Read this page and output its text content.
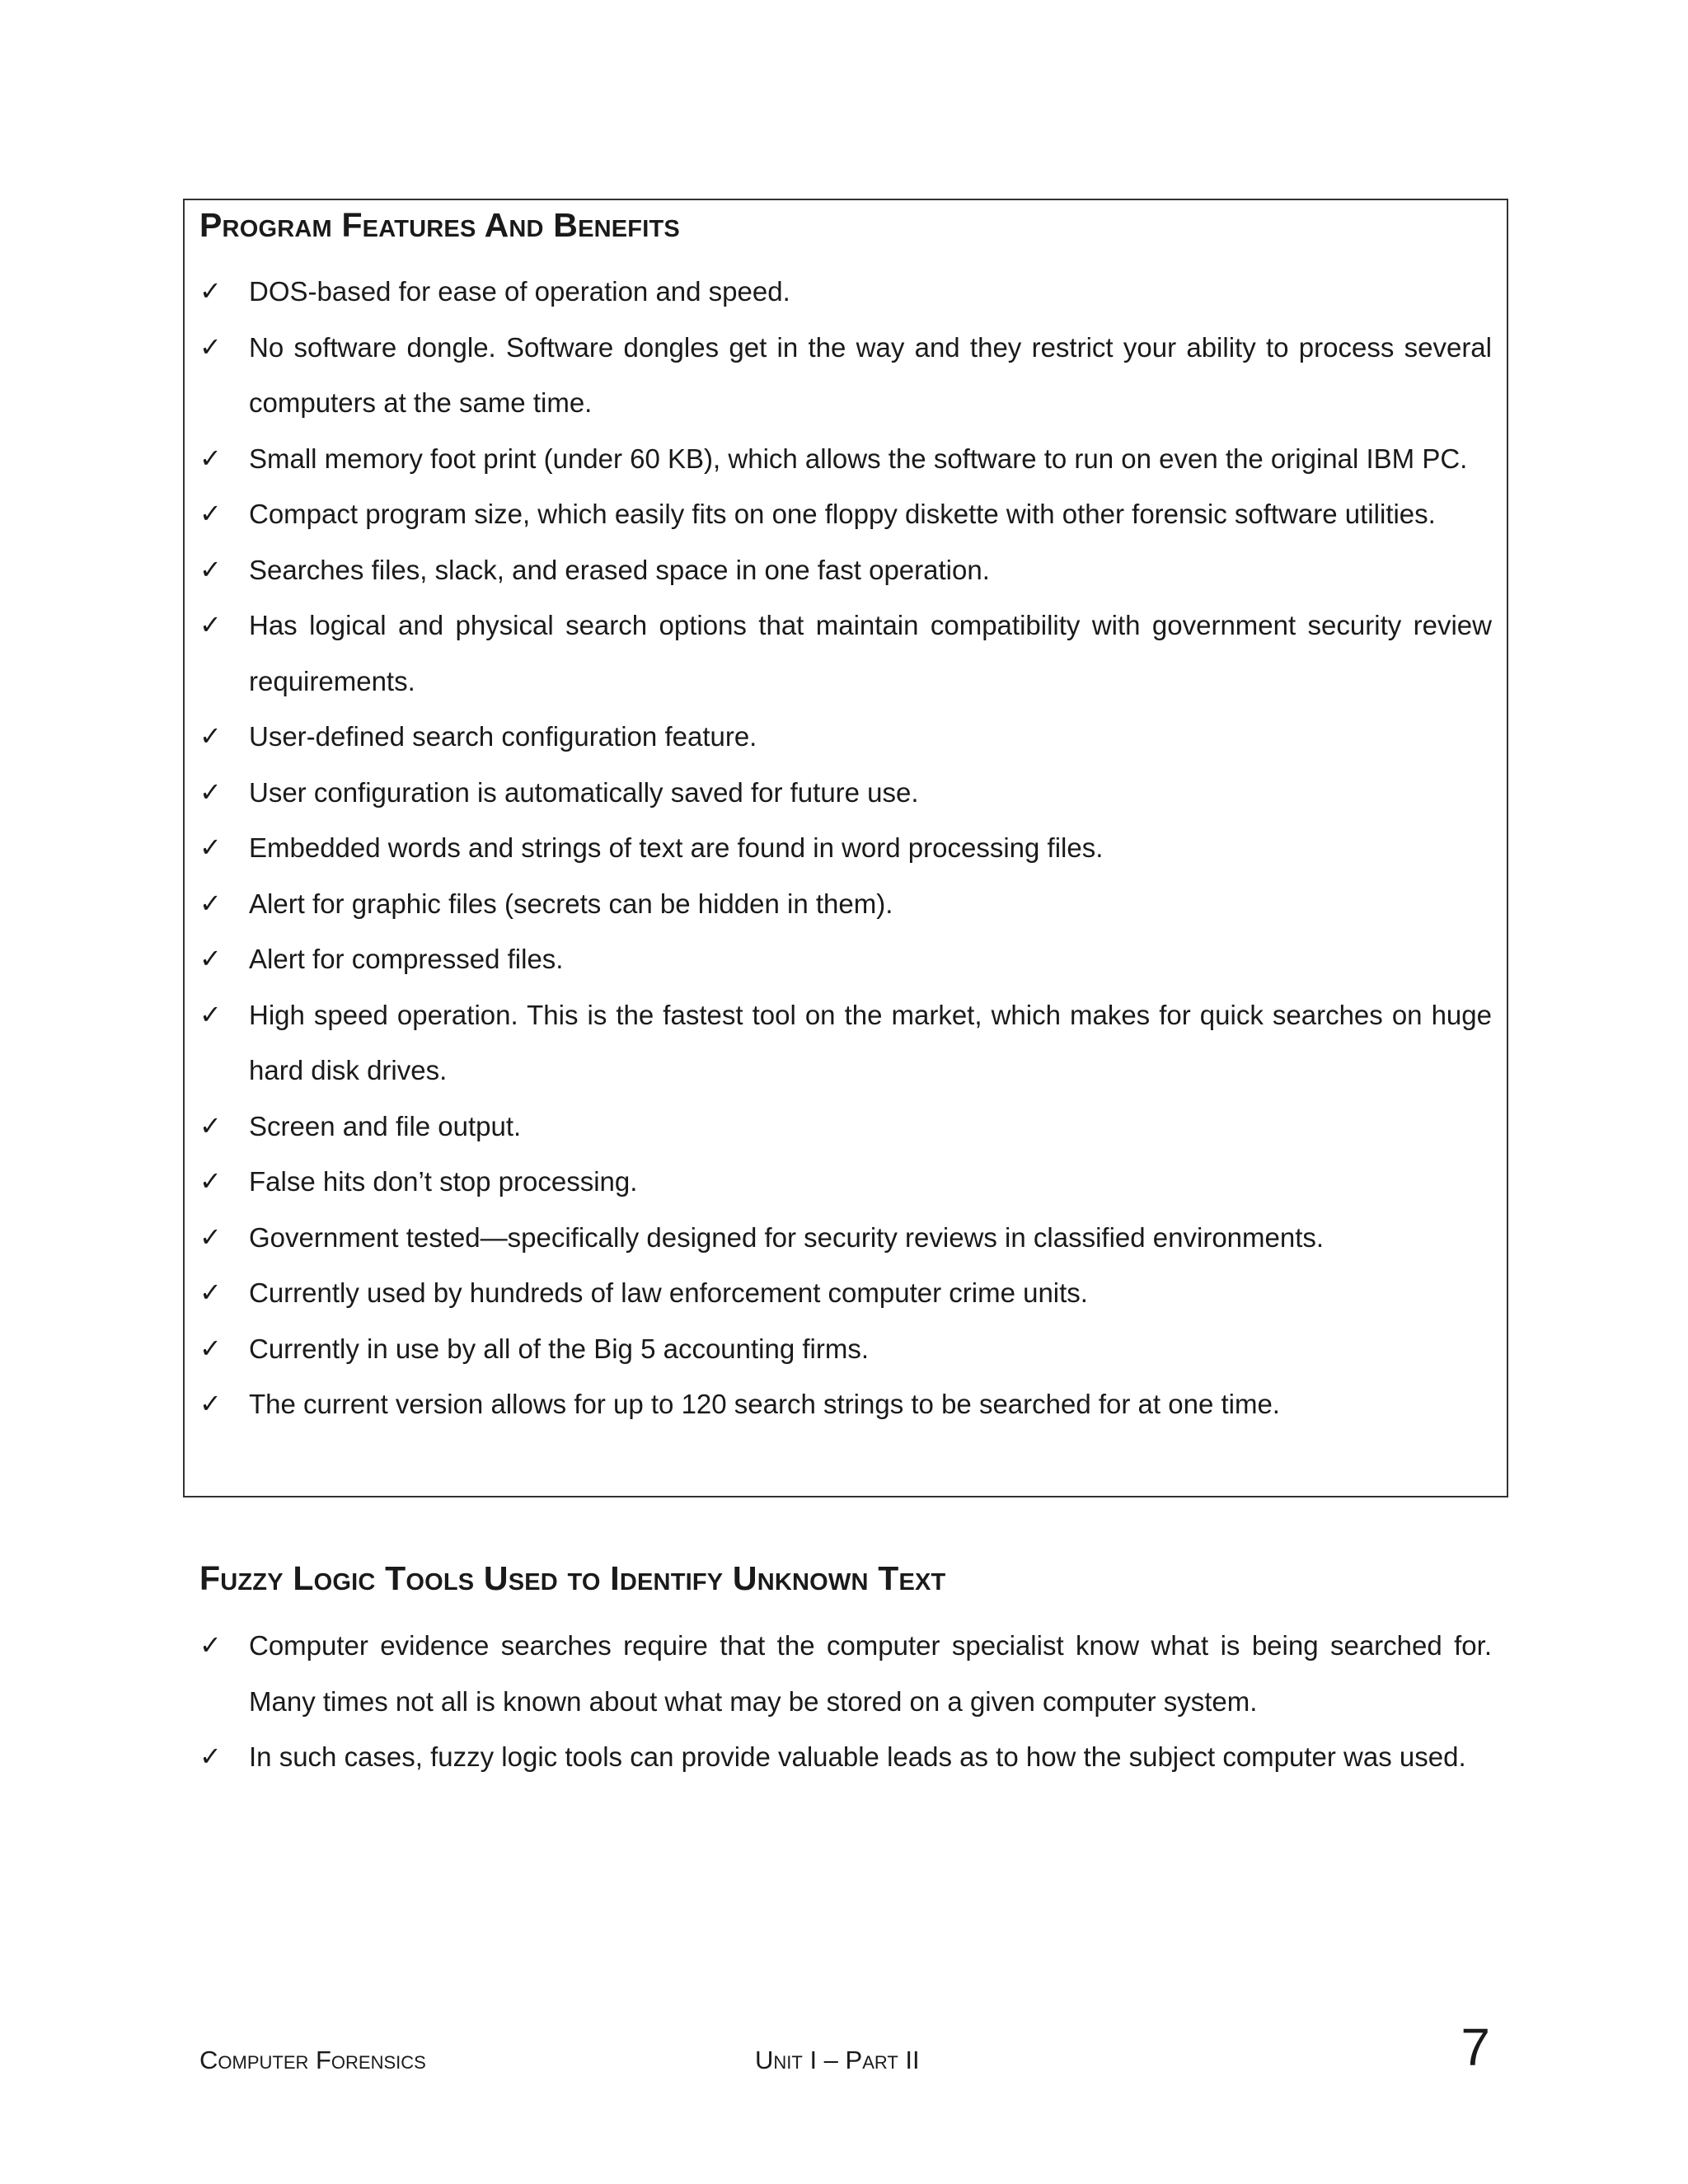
Program Features And Benefits
✓	DOS-based for ease of operation and speed.
✓	No software dongle. Software dongles get in the way and they restrict your ability to process several computers at the same time.
✓	Small memory foot print (under 60 KB), which allows the software to run on even the original IBM PC.
✓	Compact program size, which easily fits on one floppy diskette with other forensic software utilities.
✓	Searches files, slack, and erased space in one fast operation.
✓	Has logical and physical search options that maintain compatibility with government security review requirements.
✓	User-defined search configuration feature.
✓	User configuration is automatically saved for future use.
✓	Embedded words and strings of text are found in word processing files.
✓	Alert for graphic files (secrets can be hidden in them).
✓	Alert for compressed files.
✓	High speed operation. This is the fastest tool on the market, which makes for quick searches on huge hard disk drives.
✓	Screen and file output.
✓	False hits don’t stop processing.
✓	Government tested—specifically designed for security reviews in classified environments.
✓	Currently used by hundreds of law enforcement computer crime units.
✓	Currently in use by all of the Big 5 accounting firms.
✓	The current version allows for up to 120 search strings to be searched for at one time.
Fuzzy Logic Tools Used to Identify Unknown Text
✓	Computer evidence searches require that the computer specialist know what is being searched for. Many times not all is known about what may be stored on a given computer system.
✓	In such cases, fuzzy logic tools can provide valuable leads as to how the subject computer was used.
Computer Forensics	Unit I – Part II	7
